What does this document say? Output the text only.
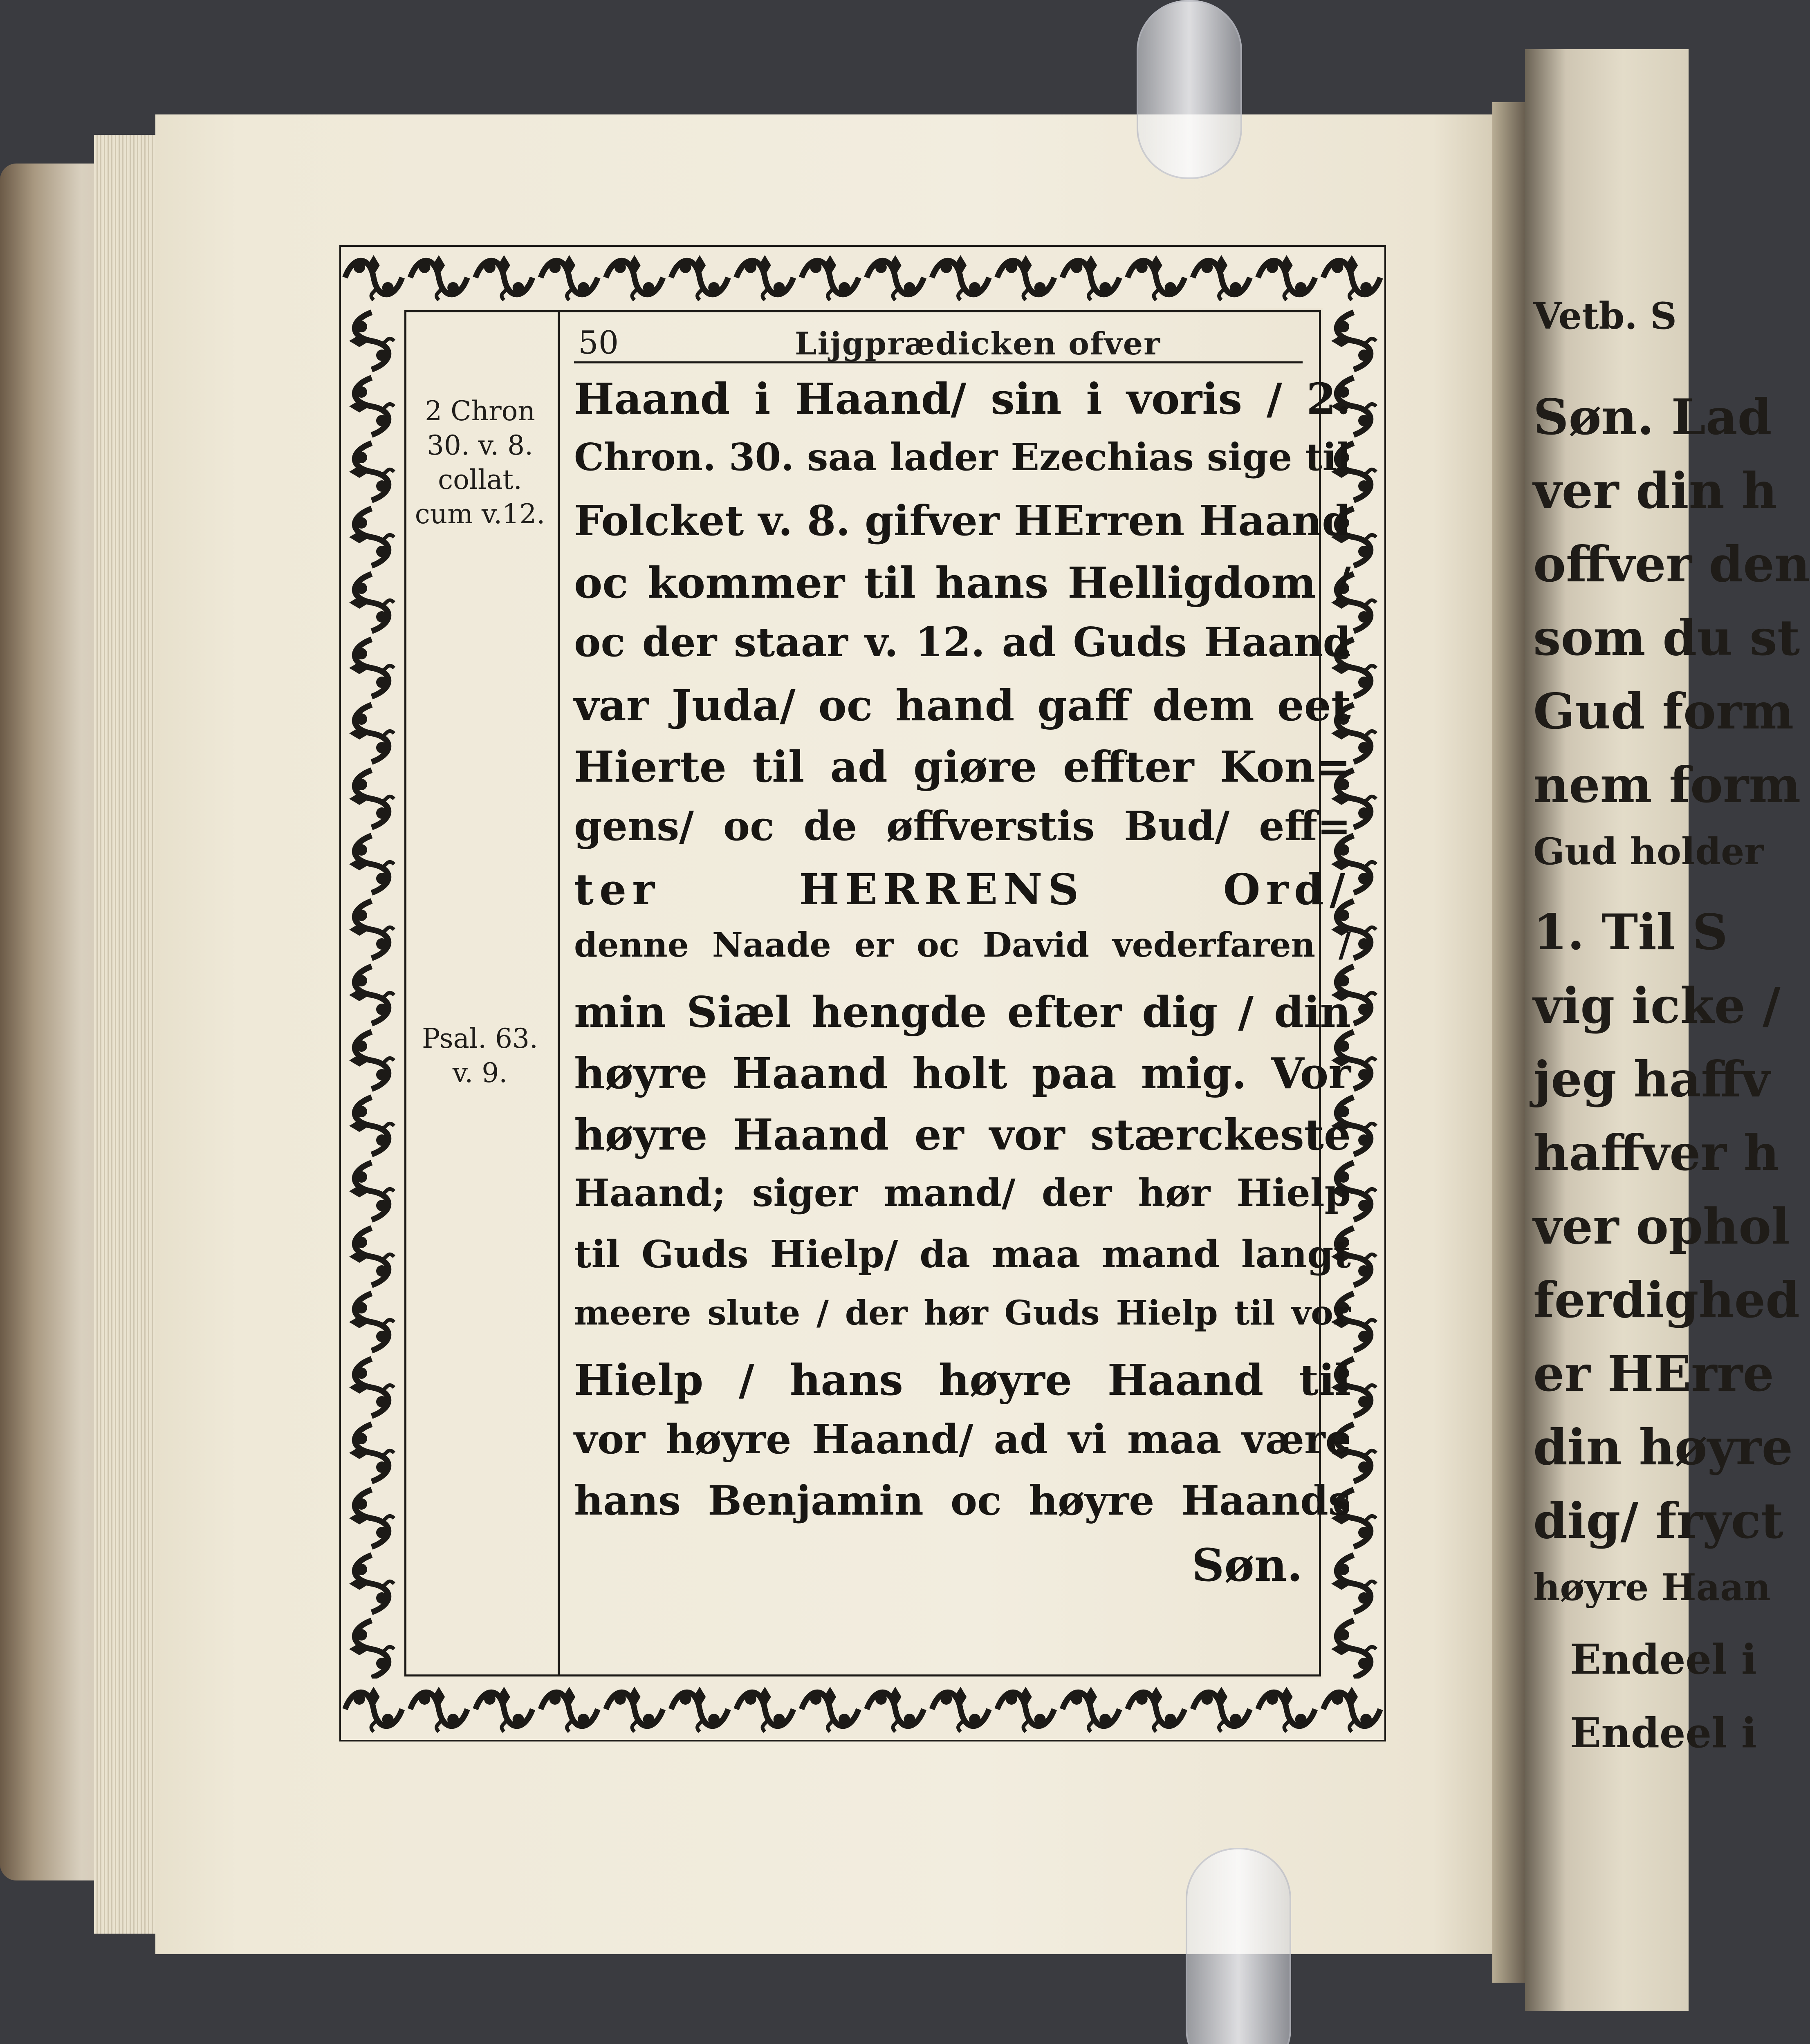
Vetb. S
Søn. Lad
ver din h
offver den
som du st
Gud form
nem form
Gud holder
1. Til S
vig icke /
jeg haffv
haffver h
ver ophol
ferdighed
er HErre
din høyre
dig/ fryct
høyre Haan
Endeel i
Endeel i
2 Chron
30. v. 8.
collat.
cum v.12.
Psal. 63.
v. 9.
50	Lijgprædicken ofver
Haand i Haand/ sin i voris / 2.
Chron. 30. saa lader Ezechias sige til
Folcket v. 8. gifver HErren Haand
oc kommer til hans Helligdom /
oc der staar v. 12. ad Guds Haand
var Juda/ oc hand gaff dem eet
Hierte til ad giøre effter Kon=
gens/ oc de øffverstis Bud/ eff=
ter HERRENS Ord/
denne Naade er oc David vederfaren /
min Siæl hengde efter dig / din
høyre Haand holt paa mig. Vor
høyre Haand er vor stærckeste
Haand; siger mand/ der hør Hielp
til Guds Hielp/ da maa mand langt
meere slute / der hør Guds Hielp til vor
Hielp / hans høyre Haand til
vor høyre Haand/ ad vi maa være
hans Benjamin oc høyre Haands
Søn.
